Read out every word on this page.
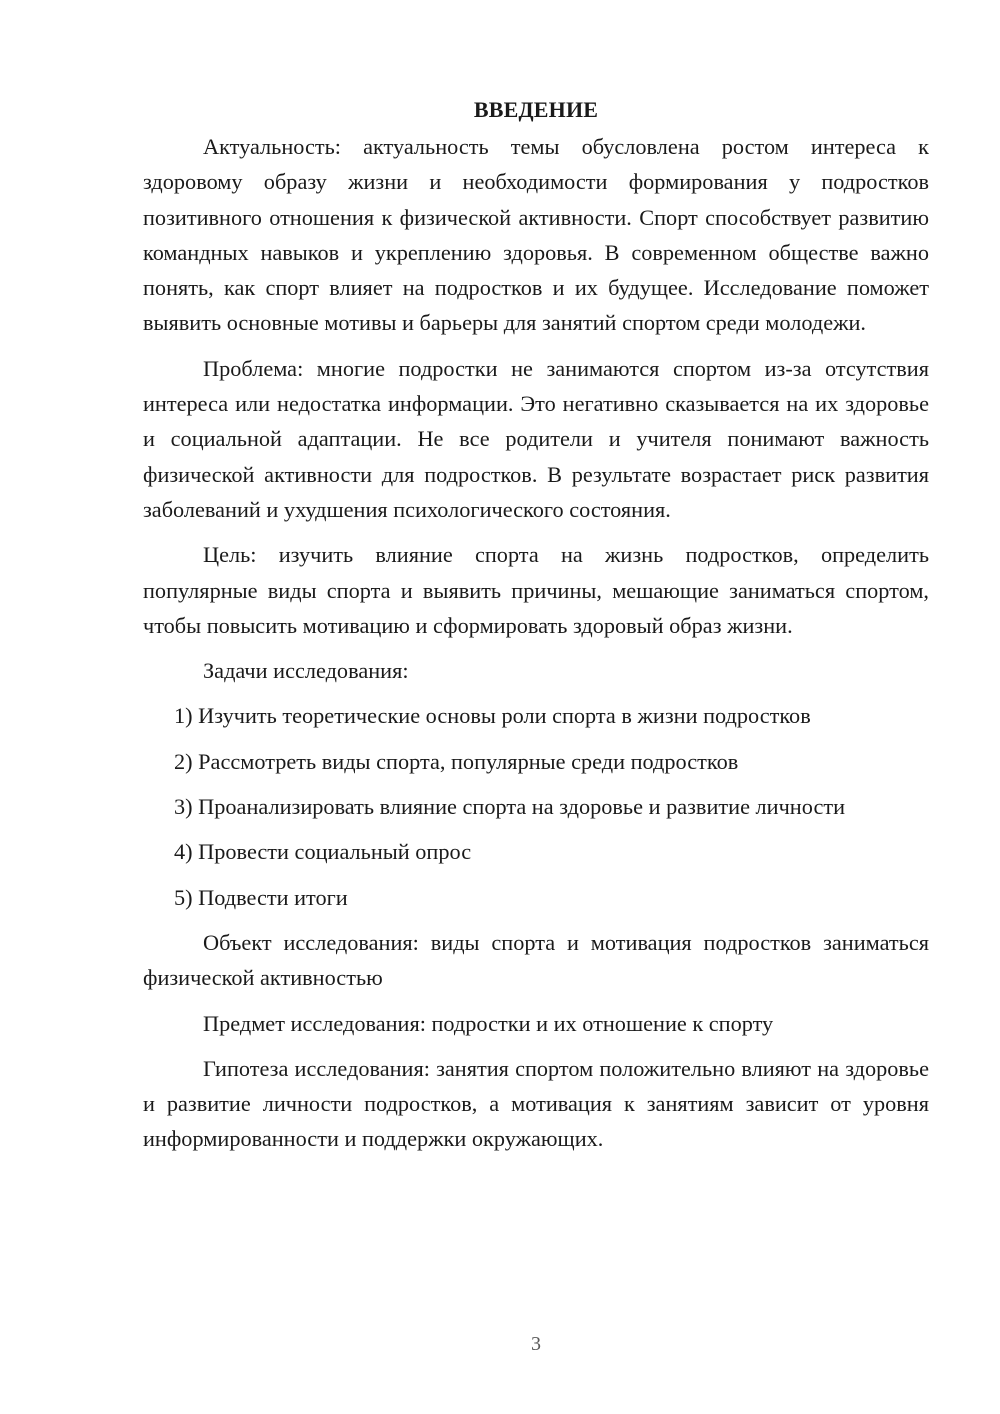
ВВЕДЕНИЕ

Актуальность: актуальность темы обусловлена ростом интереса к здоровому образу жизни и необходимости формирования у подростков позитивного отношения к физической активности. Спорт способствует развитию командных навыков и укреплению здоровья. В современном обществе важно понять, как спорт влияет на подростков и их будущее. Исследование поможет выявить основные мотивы и барьеры для занятий спортом среди молодежи.

Проблема: многие подростки не занимаются спортом из-за отсутствия интереса или недостатка информации. Это негативно сказывается на их здоровье и социальной адаптации. Не все родители и учителя понимают важность физической активности для подростков. В результате возрастает риск развития заболеваний и ухудшения психологического состояния.

Цель: изучить влияние спорта на жизнь подростков, определить популярные виды спорта и выявить причины, мешающие заниматься спортом, чтобы повысить мотивацию и сформировать здоровый образ жизни.

Задачи исследования:

1) Изучить теоретические основы роли спорта в жизни подростков
2) Рассмотреть виды спорта, популярные среди подростков
3) Проанализировать влияние спорта на здоровье и развитие личности
4) Провести социальный опрос
5) Подвести итоги

Объект исследования: виды спорта и мотивация подростков заниматься физической активностью

Предмет исследования: подростки и их отношение к спорту

Гипотеза исследования: занятия спортом положительно влияют на здоровье и развитие личности подростков, а мотивация к занятиям зависит от уровня информированности и поддержки окружающих.

3
